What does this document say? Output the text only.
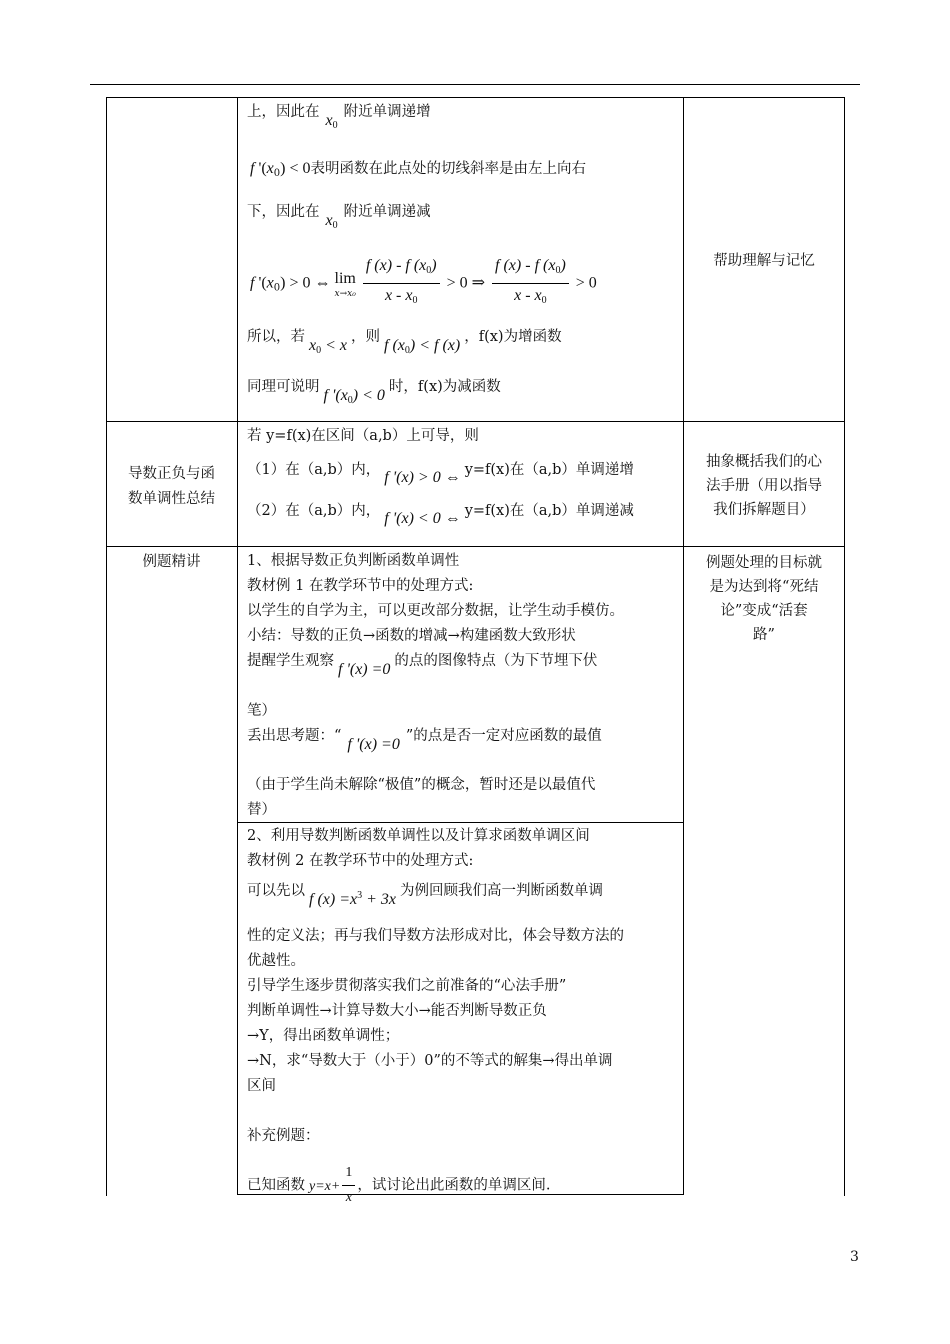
上，因此在 $x_0$附近单调递增
f '$(x_0) < 0$表明函数在此点处的切线斜率是由左上向右
下，因此在 $x_0$附近单调递减
f '$(x_0) > 0$ ⇔ lim
$x\to x_0 \frac{f (x) - f (x_0)}{x - x_0} > 0$ ⇒ $\frac{f (x) - f (x_0)}{x - x_0} > 0$
所以，若 $x_0 < x$ ，则 f $(x_0) < f$ (x) ，f(x)为增函数
同理可说明 f '$(x_0) < 0$ 时，f(x)为减函数
帮助理解与记忆
导数正负与函
数单调性总结
若 y=f(x)在区间（a,b）上可导，则
（1）在（a,b）内， f '(x) > 0 ⇔ y=f(x)在（a,b）单调递增
（2）在（a,b）内， f '(x) < 0 ⇔ y=f(x)在（a,b）单调递减
抽象概括我们的心
法手册（用以指导
我们拆解题目）
例题精讲	1、根据导数正负判断函数单调性
教材例 1 在教学环节中的处理方式:
以学生的自学为主，可以更改部分数据，让学生动手模仿。
小结：导数的正负→函数的增减→构建函数大致形状
提醒学生观察 f '(x) =0 的点的图像特点（为下节埋下伏
笔）
丢出思考题：“ f '(x) =0 ”的点是否一定对应函数的最值
（由于学生尚未解除“极值”的概念，暂时还是以最值代
替）
2、利用导数判断函数单调性以及计算求函数单调区间
教材例 2 在教学环节中的处理方式:
可以先以 f $(x) =x^3 + 3x$ 为例回顾我们高一判断函数单调
性的定义法；再与我们导数方法形成对比，体会导数方法的
优越性。
引导学生逐步贯彻落实我们之前准备的“心法手册”
判断单调性→计算导数大小→能否判断导数正负
→Y，得出函数单调性；
→N，求“导数大于（小于）0”的不等式的解集→得出单调
区间
补充例题：
已知函数 $y=x+ \frac{1}{x}$ ，试讨论出此函数的单调区间.
例题处理的目标就
是为达到将“死结
论”变成“活套
路”
3
